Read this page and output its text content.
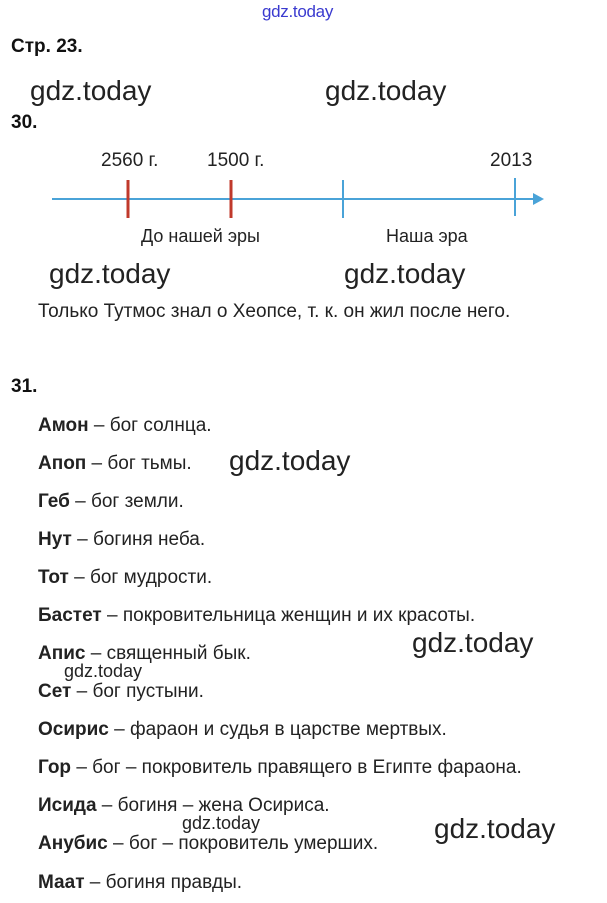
gdz.today
Стр. 23.
gdz.today	gdz.today
30.
2560 г.	1500 г.	2013
До нашей эры	Наша эра
gdz.today	gdz.today
Только Тутмос знал о Хеопсе, т. к. он жил после него.
31.
Амон – бог солнца.
Апоп – бог тьмы.
Геб – бог земли.
Нут – богиня неба.
Тот – бог мудрости.
Бастет – покровительница женщин и их красоты.
Апис – священный бык.
Сет – бог пустыни.
Осирис – фараон и судья в царстве мертвых.
Гор – бог – покровитель правящего в Египте фараона.
Исида – богиня – жена Осириса.
Анубис – бог – покровитель умерших.
Маат – богиня правды.
gdz.today
gdz.today
gdz.today
gdz.today	gdz.today
